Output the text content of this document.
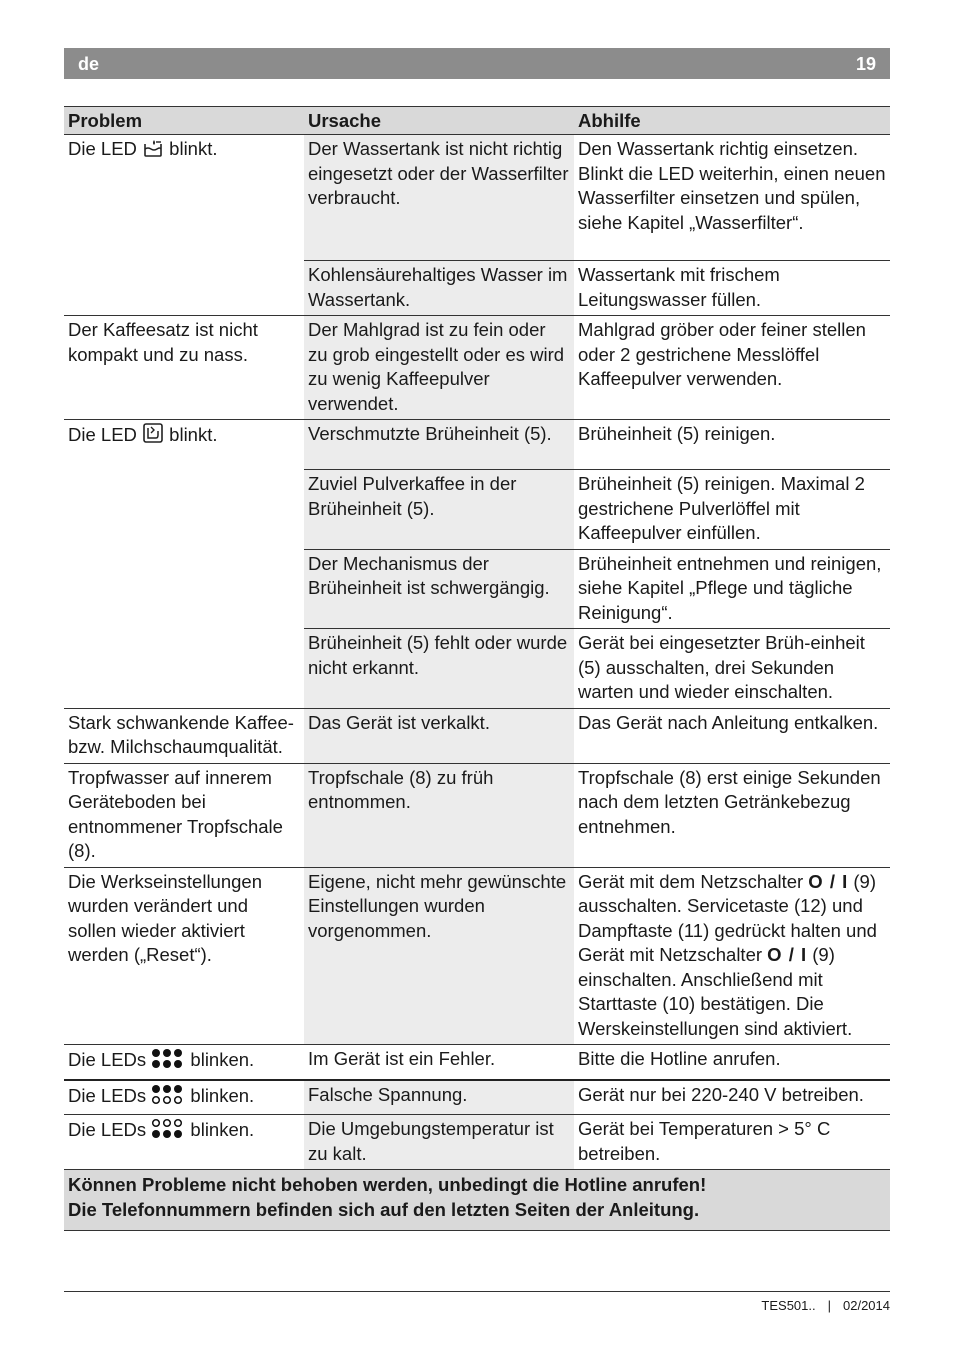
de	19
Problem	Ursache	Abhilfe
Die LED blinkt.	Der Wassertank ist nicht richtig eingesetzt oder der Wasserfilter verbraucht.	Den Wassertank richtig einsetzen. Blinkt die LED weiterhin, einen neuen Wasserfilter einsetzen und spülen, siehe Kapitel „Wasserfilter“.
	Kohlensäurehaltiges Wasser im Wassertank.	Wassertank mit frischem Leitungswasser füllen.
Der Kaffeesatz ist nicht kompakt und zu nass.	Der Mahlgrad ist zu fein oder zu grob eingestellt oder es wird zu wenig Kaffeepulver verwendet.	Mahlgrad gröber oder feiner stellen oder 2 gestrichene Messlöffel Kaffeepulver verwenden.
Die LED blinkt.	Verschmutzte Brüheinheit (5).	Brüheinheit (5) reinigen.
	Zuviel Pulverkaffee in der Brüheinheit (5).	Brüheinheit (5) reinigen. Maximal 2 gestrichene Pulverlöffel mit Kaffeepulver einfüllen.
	Der Mechanismus der Brüheinheit ist schwergängig.	Brüheinheit entnehmen und reinigen, siehe Kapitel „Pflege und tägliche Reinigung“.
	Brüheinheit (5) fehlt oder wurde nicht erkannt.	Gerät bei eingesetzter Brüh-einheit (5) ausschalten, drei Sekunden warten und wieder einschalten.
Stark schwankende Kaffee- bzw. Milchschaumqualität.	Das Gerät ist verkalkt.	Das Gerät nach Anleitung entkalken.
Tropfwasser auf innerem Geräteboden bei entnommener Tropfschale (8).	Tropfschale (8) zu früh entnommen.	Tropfschale (8) erst einige Sekunden nach dem letzten Getränkebezug entnehmen.
Die Werkseinstellungen wurden verändert und sollen wieder aktiviert werden („Reset“).	Eigene, nicht mehr gewünschte Einstellungen wurden vorgenommen.	Gerät mit dem Netzschalter O / I (9) ausschalten. Servicetaste (12) und Dampftaste (11) gedrückt halten und Gerät mit Netzschalter O / I (9) einschalten. Anschließend mit Starttaste (10) bestätigen. Die Werskeinstellungen sind aktiviert.
Die LEDs blinken.	Im Gerät ist ein Fehler.	Bitte die Hotline anrufen.
Die LEDs blinken.	Falsche Spannung.	Gerät nur bei 220-240 V betreiben.
Die LEDs blinken.	Die Umgebungstemperatur ist zu kalt.	Gerät bei Temperaturen > 5° C betreiben.

Können Probleme nicht behoben werden, unbedingt die Hotline anrufen!
Die Telefonnummern befinden sich auf den letzten Seiten der Anleitung.		
TES501.. | 02/2014
